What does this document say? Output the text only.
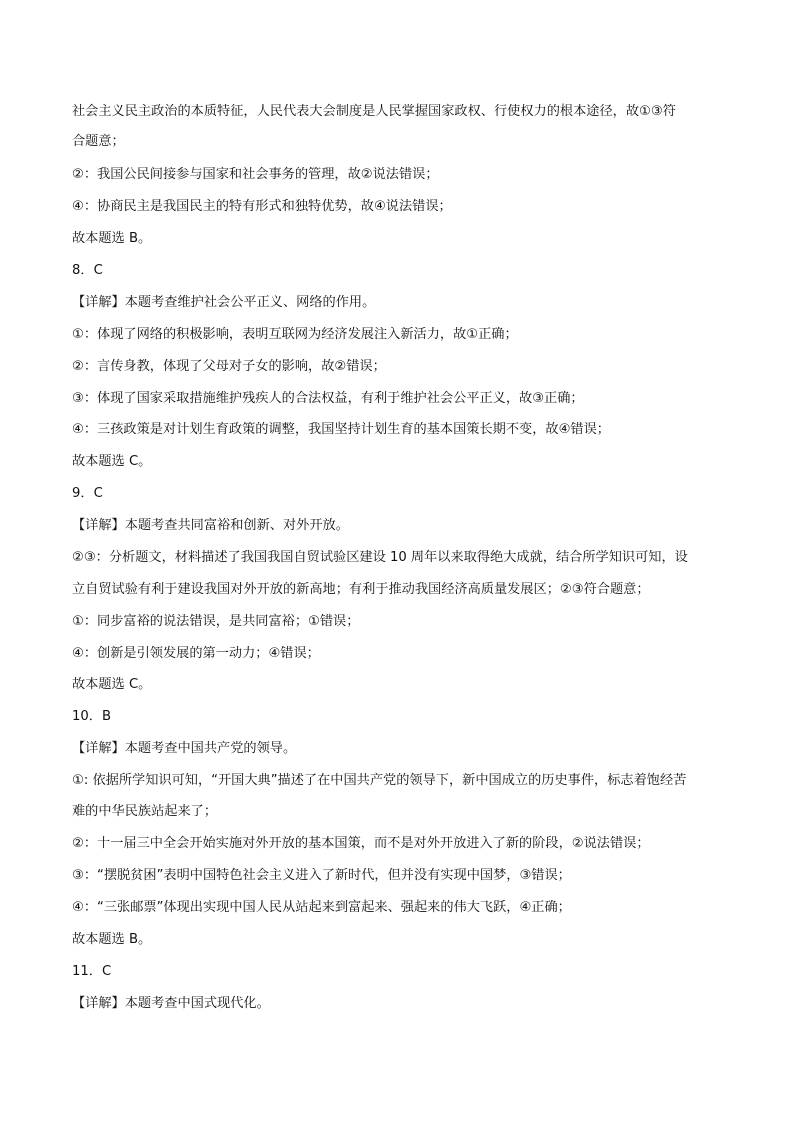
社会主义民主政治的本质特征，人民代表大会制度是人民掌握国家政权、行使权力的根本途径，故①③符
合题意；
②：我国公民间接参与国家和社会事务的管理，故②说法错误；
④：协商民主是我国民主的特有形式和独特优势，故④说法错误；
故本题选 B。
8．C
【详解】本题考查维护社会公平正义、网络的作用。
①：体现了网络的积极影响，表明互联网为经济发展注入新活力，故①正确；
②：言传身教，体现了父母对子女的影响，故②错误；
③：体现了国家采取措施维护残疾人的合法权益，有利于维护社会公平正义，故③正确；
④：三孩政策是对计划生育政策的调整，我国坚持计划生育的基本国策长期不变，故④错误；
故本题选 C。
9．C
【详解】本题考查共同富裕和创新、对外开放。
②③：分析题文，材料描述了我国我国自贸试验区建设 10 周年以来取得绝大成就，结合所学知识可知，设
立自贸试验有利于建设我国对外开放的新高地；有利于推动我国经济高质量发展区；②③符合题意；
①：同步富裕的说法错误，是共同富裕；①错误；
④：创新是引领发展的第一动力；④错误；
故本题选 C。
10．B
【详解】本题考查中国共产党的领导。
①: 依据所学知识可知，“开国大典”描述了在中国共产党的领导下，新中国成立的历史事件，标志着饱经苦
难的中华民族站起来了；
②：十一届三中全会开始实施对外开放的基本国策，而不是对外开放进入了新的阶段，②说法错误；
③：“摆脱贫困”表明中国特色社会主义进入了新时代，但并没有实现中国梦，③错误；
④：“三张邮票”体现出实现中国人民从站起来到富起来、强起来的伟大飞跃，④正确；
故本题选 B。
11．C
【详解】本题考查中国式现代化。
